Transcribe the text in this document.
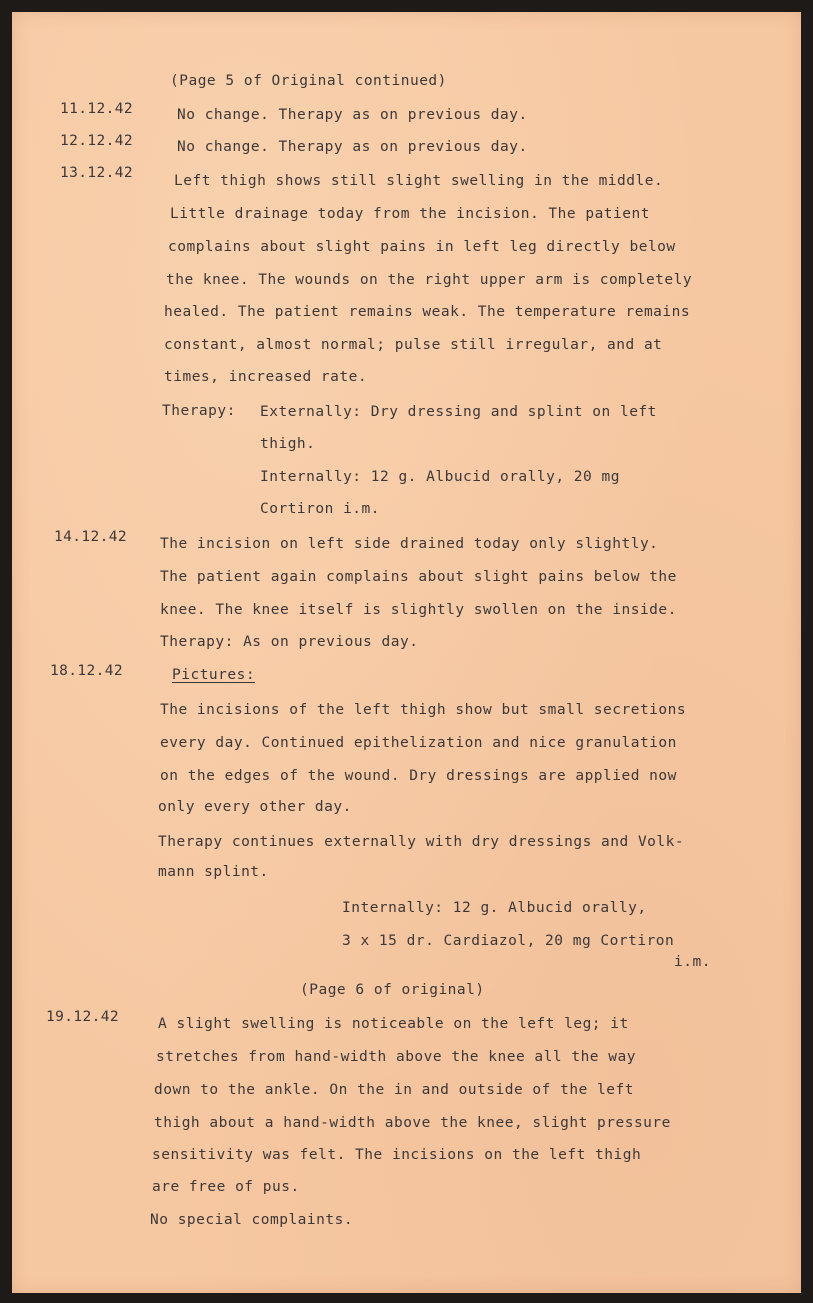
(Page 5 of Original continued)

11.12.42	No change. Therapy as on previous day.

12.12.42	No change. Therapy as on previous day.

13.12.42	Left thigh shows still slight swelling in the middle.

Little drainage today from the incision. The patient

complains about slight pains in left leg directly below

the knee. The wounds on the right upper arm is completely

healed. The patient remains weak. The temperature remains

constant, almost normal; pulse still irregular, and at

times, increased rate.

Therapy: Externally: Dry dressing and splint on left

thigh.

Internally: 12 g. Albucid orally, 20 mg

Cortiron i.m.

14.12.42 The incision on left side drained today only slightly.

The patient again complains about slight pains below the

knee. The knee itself is slightly swollen on the inside.

Therapy: As on previous day.

18.12.42	Pictures:

The incisions of the left thigh show but small secretions

every day. Continued epithelization and nice granulation

on the edges of the wound. Dry dressings are applied now

only every other day.

Therapy continues externally with dry dressings and Volk-

mann splint.

Internally: 12 g. Albucid orally,

3 x 15 dr. Cardiazol, 20 mg Cortiron

i.m.

(Page 6 of original)

19.12.42	A slight swelling is noticeable on the left leg; it

stretches from hand-width above the knee all the way

down to the ankle. On the in and outside of the left

thigh about a hand-width above the knee, slight pressure

sensitivity was felt. The incisions on the left thigh

are free of pus.

No special complaints.
